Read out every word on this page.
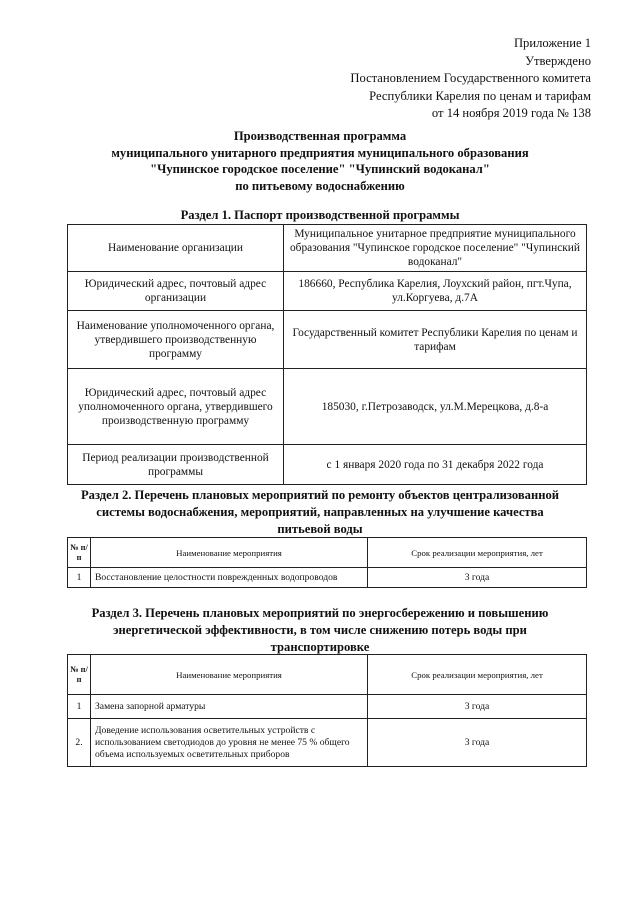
Приложение 1
Утверждено
Постановлением Государственного комитета
Республики Карелия по ценам и тарифам
от 14 ноября 2019 года № 138
Производственная программа
муниципального унитарного предприятия муниципального образования
"Чупинское городское поселение" "Чупинский водоканал"
по питьевому водоснабжению
Раздел 1. Паспорт производственной программы
Наименование организации	Муниципальное унитарное предприятие муниципального образования "Чупинское городское поселение" "Чупинский водоканал"
Юридический адрес, почтовый адрес организации	186660, Республика Карелия, Лоухский район, пгт.Чупа, ул.Коргуева, д.7А
Наименование уполномоченного органа, утвердившего производственную программу	Государственный комитет Республики Карелия по ценам и тарифам
Юридический адрес, почтовый адрес уполномоченного органа, утвердившего производственную программу	185030, г.Петрозаводск, ул.М.Мерецкова, д.8-а
Период реализации производственной программы	с 1 января 2020 года по 31 декабря 2022 года
Раздел 2. Перечень плановых мероприятий по ремонту объектов централизованной
системы водоснабжения, мероприятий, направленных на улучшение качества
питьевой воды
№ п/п	Наименование мероприятия	Срок реализации мероприятия, лет
1	Восстановление целостности поврежденных водопроводов	3 года
Раздел 3. Перечень плановых мероприятий по энергосбережению и повышению
энергетической эффективности, в том числе снижению потерь воды при
транспортировке
№ п/п	Наименование мероприятия	Срок реализации мероприятия, лет
1	Замена запорной арматуры	3 года
2.	Доведение использования осветительных устройств с использованием светодиодов до уровня не менее 75 % общего объема используемых осветительных приборов	3 года
